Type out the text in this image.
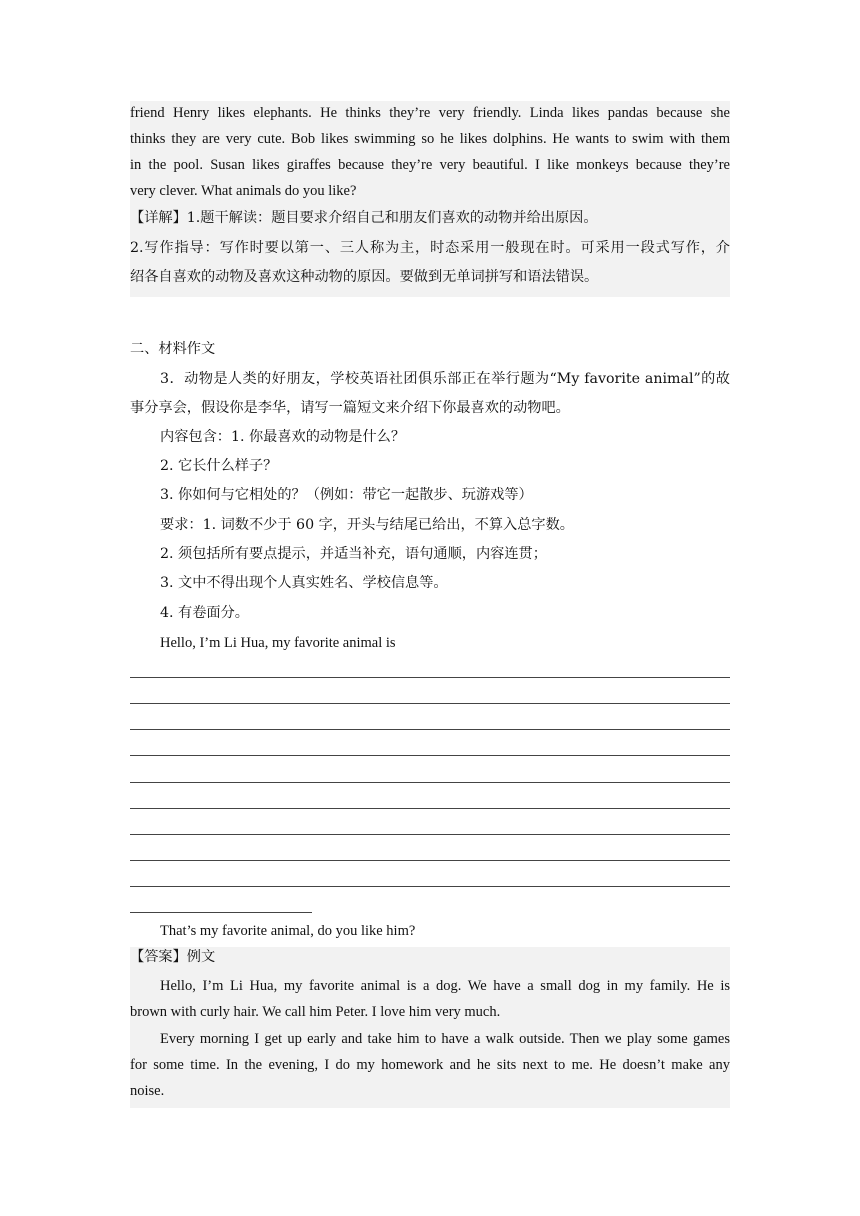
friend Henry likes elephants. He thinks they’re very friendly. Linda likes pandas because she
thinks they are very cute. Bob likes swimming so he likes dolphins. He wants to swim with them
in the pool. Susan likes giraffes because they’re very beautiful. I like monkeys because they’re
very clever. What animals do you like?
【详解】1.题干解读：题目要求介绍自己和朋友们喜欢的动物并给出原因。
2.写作指导：写作时要以第一、三人称为主，时态采用一般现在时。可采用一段式写作，介
绍各自喜欢的动物及喜欢这种动物的原因。要做到无单词拼写和语法错误。
二、材料作文
3．动物是人类的好朋友，学校英语社团俱乐部正在举行题为“My favorite animal”的故
事分享会，假设你是李华，请写一篇短文来介绍下你最喜欢的动物吧。
内容包含：1. 你最喜欢的动物是什么？
2. 它长什么样子？
3. 你如何与它相处的？（例如：带它一起散步、玩游戏等）
要求：1. 词数不少于 60 字，开头与结尾已给出，不算入总字数。
2. 须包括所有要点提示，并适当补充，语句通顺，内容连贯；
3. 文中不得出现个人真实姓名、学校信息等。
4. 有卷面分。
Hello, I’m Li Hua, my favorite animal is
That’s my favorite animal, do you like him?
【答案】例文
Hello, I’m Li Hua, my favorite animal is a dog. We have a small dog in my family. He is
brown with curly hair. We call him Peter. I love him very much.
Every morning I get up early and take him to have a walk outside. Then we play some games
for some time. In the evening, I do my homework and he sits next to me. He doesn’t make any
noise.
